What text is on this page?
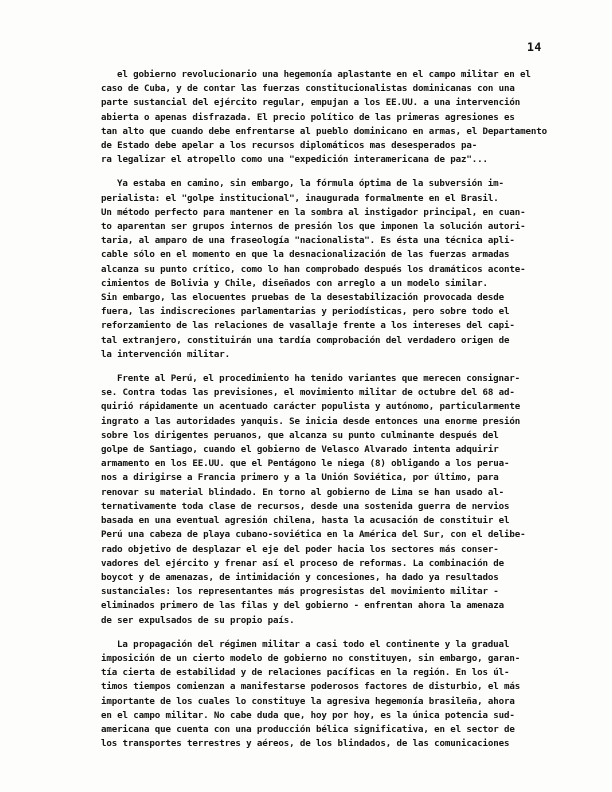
14
el gobierno revolucionario una hegemonía aplastante en el campo militar en el
caso de Cuba, y de contar las fuerzas constitucionalistas dominicanas con una
parte sustancial del ejército regular, empujan a los EE.UU. a una intervención
abierta o apenas disfrazada. El precio político de las primeras agresiones es
tan alto que cuando debe enfrentarse al pueblo dominicano en armas, el Departamento
de Estado debe apelar a los recursos diplomáticos mas desesperados pa-
ra legalizar el atropello como una "expedición interamericana de paz"...
Ya estaba en camino, sin embargo, la fórmula óptima de la subversión im-
perialista: el "golpe institucional", inaugurada formalmente en el Brasil.
Un método perfecto para mantener en la sombra al instigador principal, en cuan-
to aparentan ser grupos internos de presión los que imponen la solución autori-
taria, al amparo de una fraseología "nacionalista". Es ésta una técnica apli-
cable sólo en el momento en que la desnacionalización de las fuerzas armadas
alcanza su punto crítico, como lo han comprobado después los dramáticos aconte-
cimientos de Bolivia y Chile, diseñados con arreglo a un modelo similar.
Sin embargo, las elocuentes pruebas de la desestabilización provocada desde
fuera, las indiscreciones parlamentarias y periodísticas, pero sobre todo el
reforzamiento de las relaciones de vasallaje frente a los intereses del capi-
tal extranjero, constituirán una tardía comprobación del verdadero origen de
la intervención militar.
Frente al Perú, el procedimiento ha tenido variantes que merecen consignar-
se. Contra todas las previsiones, el movimiento militar de octubre del 68 ad-
quirió rápidamente un acentuado carácter populista y autónomo, particularmente
ingrato a las autoridades yanquis. Se inicia desde entonces una enorme presión
sobre los dirigentes peruanos, que alcanza su punto culminante después del
golpe de Santiago, cuando el gobierno de Velasco Alvarado intenta adquirir
armamento en los EE.UU. que el Pentágono le niega (8) obligando a los perua-
nos a dirigirse a Francia primero y a la Unión Soviética, por último, para
renovar su material blindado. En torno al gobierno de Lima se han usado al-
ternativamente toda clase de recursos, desde una sostenida guerra de nervios
basada en una eventual agresión chilena, hasta la acusación de constituir el
Perú una cabeza de playa cubano-soviética en la América del Sur, con el delibe-
rado objetivo de desplazar el eje del poder hacia los sectores más conser-
vadores del ejército y frenar así el proceso de reformas. La combinación de
boycot y de amenazas, de intimidación y concesiones, ha dado ya resultados
sustanciales: los representantes más progresistas del movimiento militar -
eliminados primero de las filas y del gobierno - enfrentan ahora la amenaza
de ser expulsados de su propio país.
La propagación del régimen militar a casi todo el continente y la gradual
imposición de un cierto modelo de gobierno no constituyen, sin embargo, garan-
tía cierta de estabilidad y de relaciones pacíficas en la región. En los úl-
timos tiempos comienzan a manifestarse poderosos factores de disturbio, el más
importante de los cuales lo constituye la agresiva hegemonía brasileña, ahora
en el campo militar. No cabe duda que, hoy por hoy, es la única potencia sud-
americana que cuenta con una producción bélica significativa, en el sector de
los transportes terrestres y aéreos, de los blindados, de las comunicaciones
